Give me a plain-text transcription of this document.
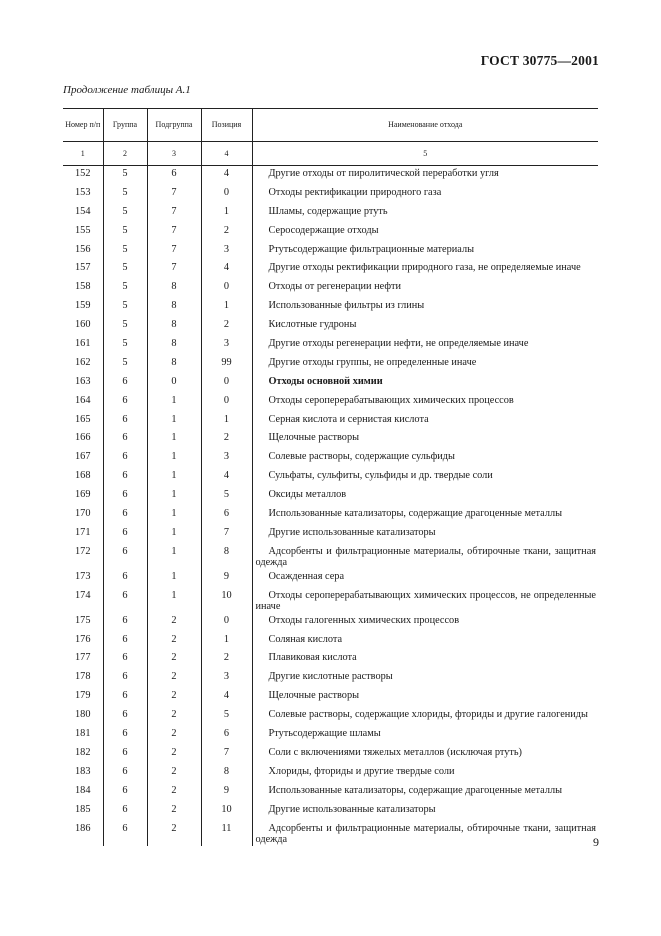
ГОСТ 30775—2001
Продолжение таблицы А.1
Номер п/п	Группа	Подгруппа	Позиция	Наименование отхода
1	2	3	4	5
152	5	6	4	Другие отходы от пиролитической переработки угля
153	5	7	0	Отходы ректификации природного газа
154	5	7	1	Шламы, содержащие ртуть
155	5	7	2	Серосодержащие отходы
156	5	7	3	Ртутьсодержащие фильтрационные материалы
157	5	7	4	Другие отходы ректификации природного газа, не определяемые иначе
158	5	8	0	Отходы от регенерации нефти
159	5	8	1	Использованные фильтры из глины
160	5	8	2	Кислотные гудроны
161	5	8	3	Другие отходы регенерации нефти, не определяемые иначе
162	5	8	99	Другие отходы группы, не определенные иначе
163	6	0	0	Отходы основной химии
164	6	1	0	Отходы сероперерабатывающих химических процессов
165	6	1	1	Серная кислота и сернистая кислота
166	6	1	2	Щелочные растворы
167	6	1	3	Солевые растворы, содержащие сульфиды
168	6	1	4	Сульфаты, сульфиты, сульфиды и др. твердые соли
169	6	1	5	Оксиды металлов
170	6	1	6	Использованные катализаторы, содержащие драгоценные металлы
171	6	1	7	Другие использованные катализаторы
172	6	1	8	Адсорбенты и фильтрационные материалы, обтирочные ткани, защитная одежда
173	6	1	9	Осажденная сера
174	6	1	10	Отходы сероперерабатывающих химических процессов, не определенные иначе
175	6	2	0	Отходы галогенных химических процессов
176	6	2	1	Соляная кислота
177	6	2	2	Плавиковая кислота
178	6	2	3	Другие кислотные растворы
179	6	2	4	Щелочные растворы
180	6	2	5	Солевые растворы, содержащие хлориды, фториды и другие галогениды
181	6	2	6	Ртутьсодержащие шламы
182	6	2	7	Соли с включениями тяжелых металлов (исключая ртуть)
183	6	2	8	Хлориды, фториды и другие твердые соли
184	6	2	9	Использованные катализаторы, содержащие драгоценные металлы
185	6	2	10	Другие использованные катализаторы
186	6	2	11	Адсорбенты и фильтрационные материалы, обтирочные ткани, защитная одежда	9
